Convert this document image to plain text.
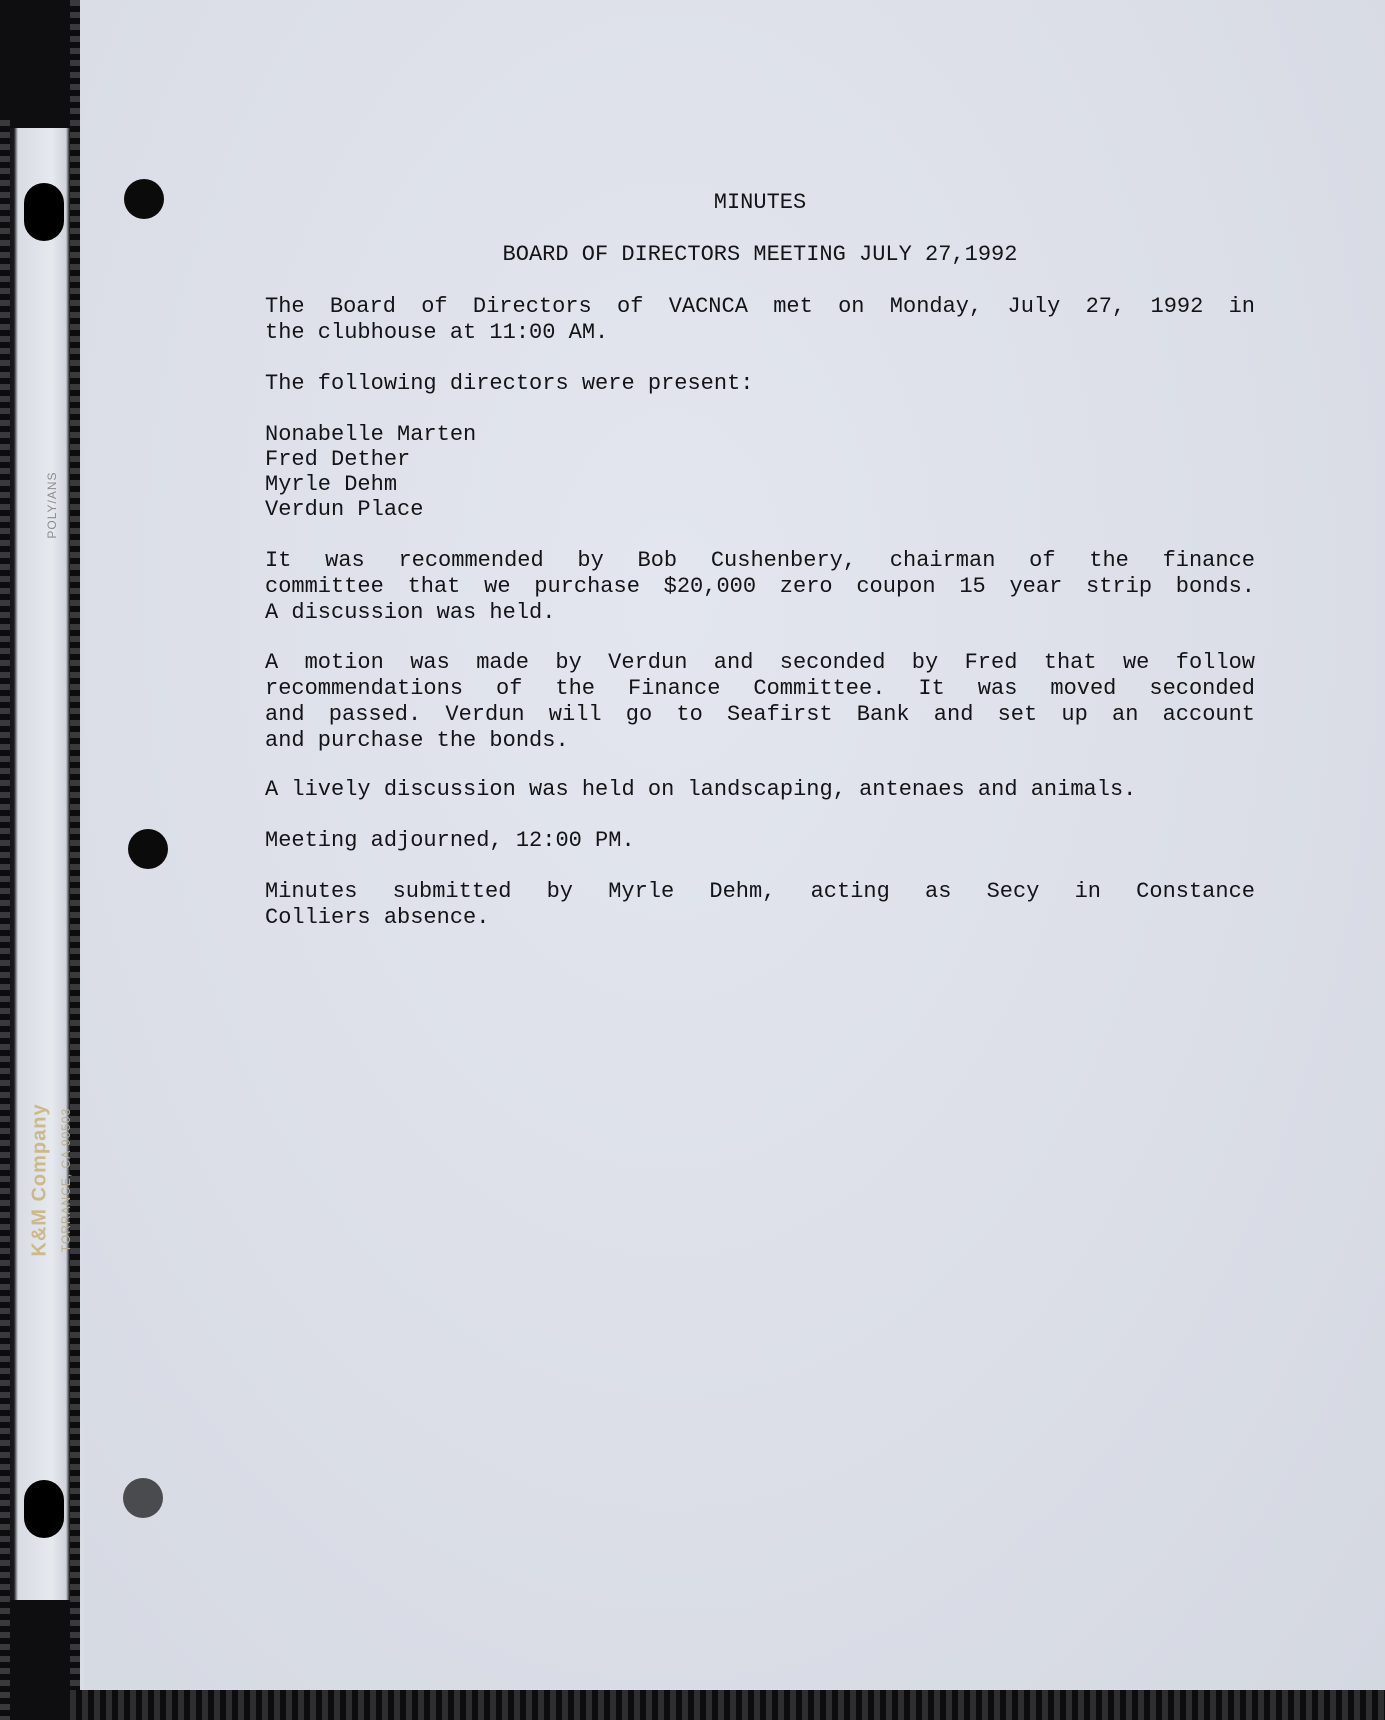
POLY/ANS
K&M Company TORRANCE, CA 90503

MINUTES

BOARD OF DIRECTORS MEETING JULY 27,1992

The Board of Directors of VACNCA met on Monday, July 27, 1992 in
the clubhouse at 11:00 AM.

The following directors were present:

Nonabelle Marten
Fred Dether
Myrle Dehm
Verdun Place
It was recommended by Bob Cushenbery, chairman of the finance
committee that we purchase $20,000 zero coupon 15 year strip bonds.
A discussion was held.
A motion was made by Verdun and seconded by Fred that we follow
recommendations of the Finance Committee. It was moved seconded
and passed. Verdun will go to Seafirst Bank and set up an account
and purchase the bonds.

A lively discussion was held on landscaping, antenaes and animals.

Meeting adjourned, 12:00 PM.

Minutes submitted by Myrle Dehm, acting as Secy in Constance
Colliers absence.
